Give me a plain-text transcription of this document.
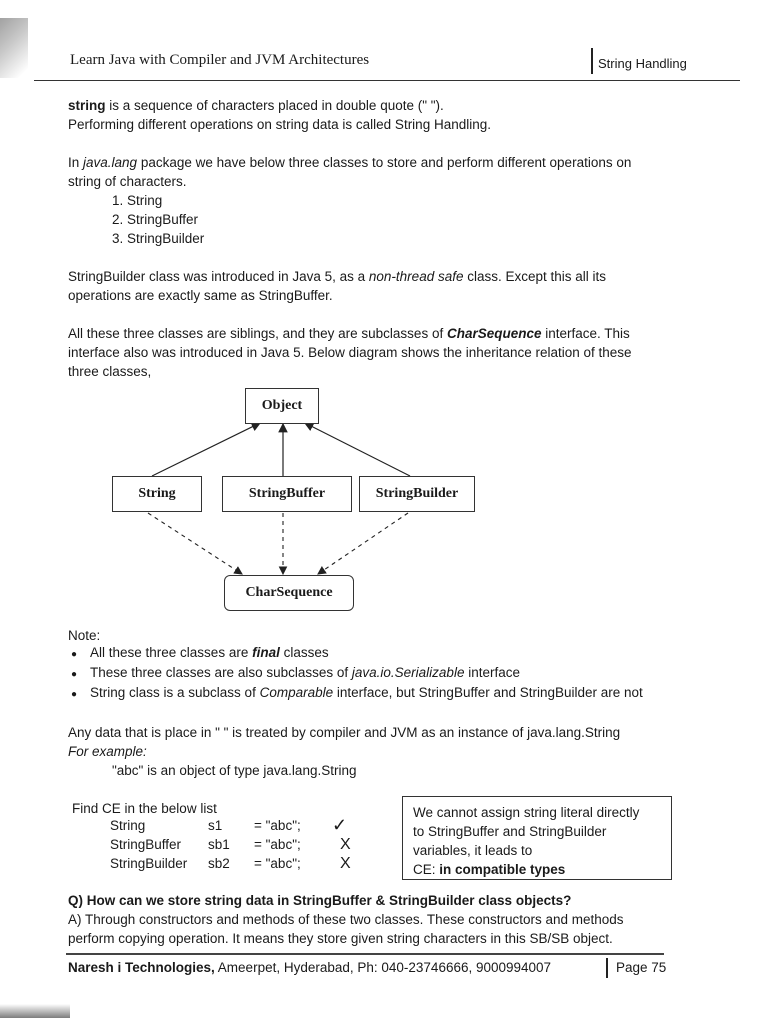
Learn Java with Compiler and JVM Architectures	String Handling
string is a sequence of characters placed in double quote (" ").
Performing different operations on string data is called String Handling.
In java.lang package we have below three classes to store and perform different operations on
string of characters.
1. String
2. StringBuffer
3. StringBuilder
StringBuilder class was introduced in Java 5, as a non-thread safe class. Except this all its
operations are exactly same as StringBuffer.
All these three classes are siblings, and they are subclasses of CharSequence interface. This
interface also was introduced in Java 5. Below diagram shows the inheritance relation of these
three classes,
Object
String	StringBuffer	StringBuilder
CharSequence
Note:
● All these three classes are final classes
● These three classes are also subclasses of java.io.Serializable interface
● String class is a subclass of Comparable interface, but StringBuffer and StringBuilder are not
Any data that is place in " " is treated by compiler and JVM as an instance of java.lang.String
For example:
"abc" is an object of type java.lang.String
Find CE in the below list
String	s1	= "abc";	✓
StringBuffer	sb1	= "abc";	X
StringBuilder	sb2	= "abc";	X
We cannot assign string literal directly
to StringBuffer and StringBuilder
variables, it leads to
CE: in compatible types
Q) How can we store string data in StringBuffer & StringBuilder class objects?
A) Through constructors and methods of these two classes. These constructors and methods
perform copying operation. It means they store given string characters in this SB/SB object.
Naresh i Technologies, Ameerpet, Hyderabad, Ph: 040-23746666, 9000994007	Page 75
